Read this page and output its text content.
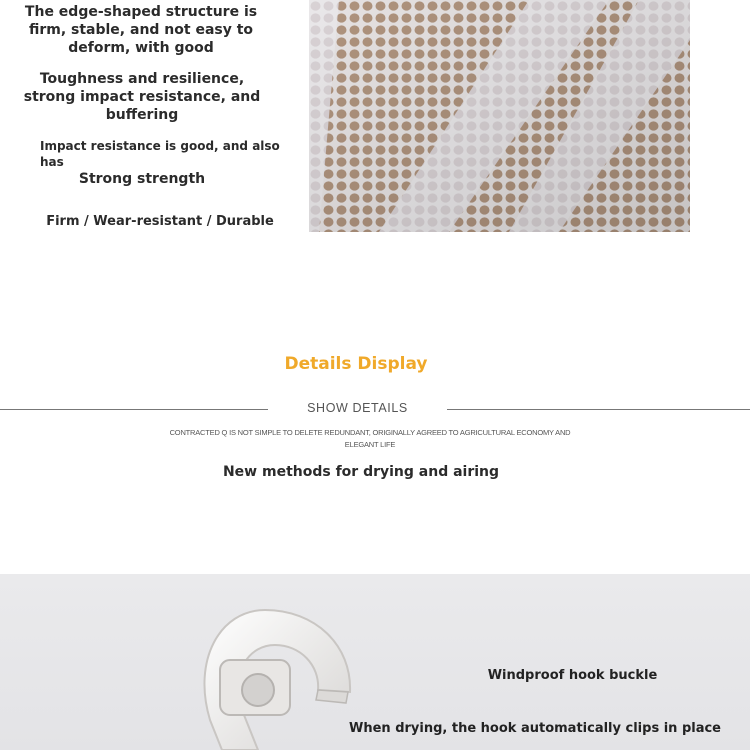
The edge-shaped structure is firm, stable, and not easy to deform, with good
Toughness and resilience, strong impact resistance, and buffering
Impact resistance is good, and also has
Strong strength
Firm / Wear-resistant / Durable
Details Display
SHOW DETAILS
CONTRACTED Q IS NOT SIMPLE TO DELETE REDUNDANT, ORIGINALLY AGREED TO AGRICULTURAL ECONOMY AND ELEGANT LIFE
New methods for drying and airing
Windproof hook buckle
When drying, the hook automatically clips in place
